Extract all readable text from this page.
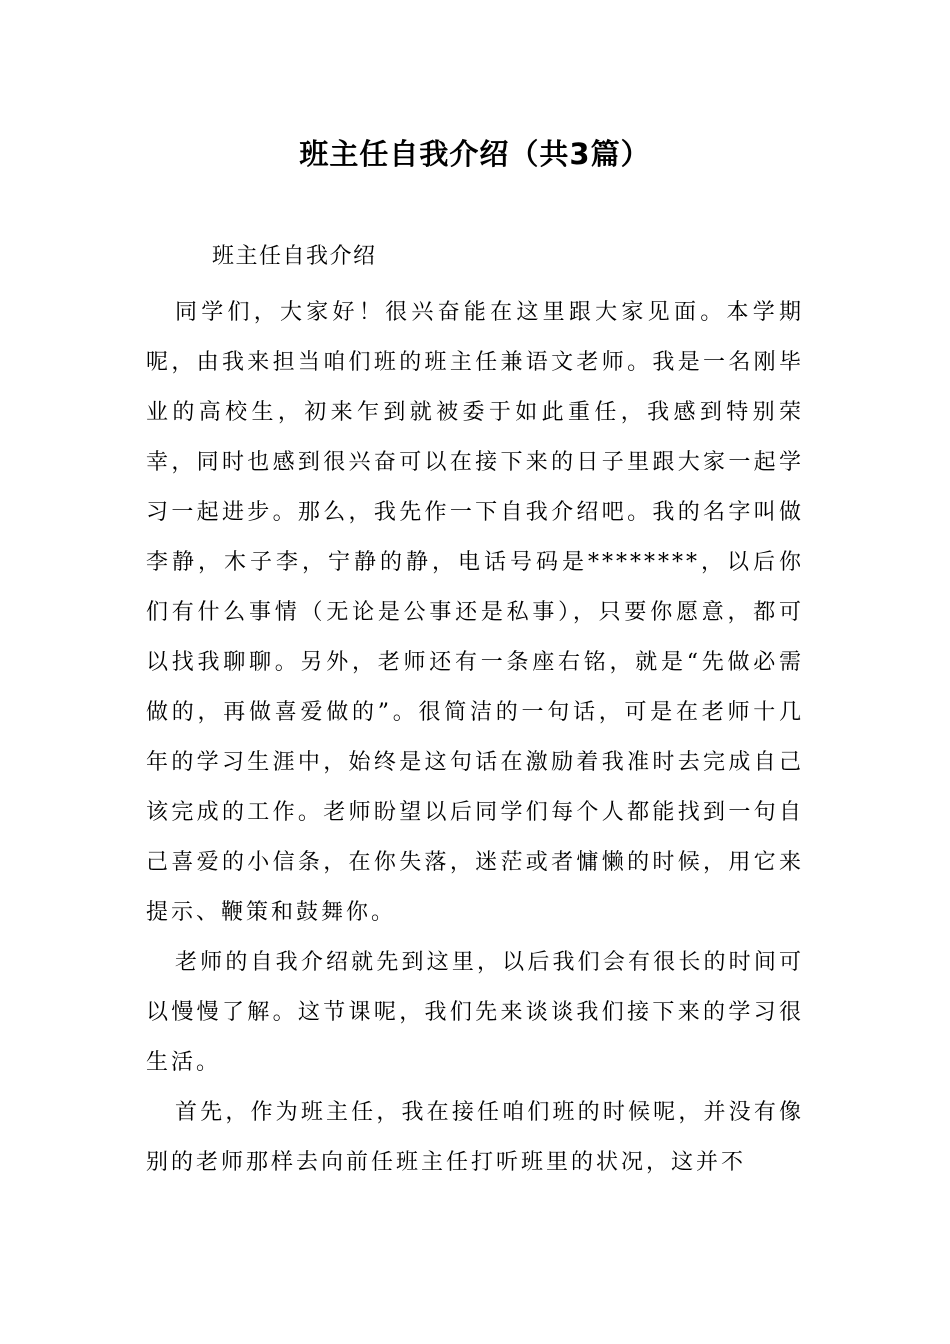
班主任自我介绍（共3篇）
班主任自我介绍

同学们，大家好！很兴奋能在这里跟大家见面。本学期呢，由我来担当咱们班的班主任兼语文老师。我是一名刚毕业的高校生，初来乍到就被委于如此重任，我感到特别荣幸，同时也感到很兴奋可以在接下来的日子里跟大家一起学习一起进步。那么，我先作一下自我介绍吧。我的名字叫做李静，木子李，宁静的静，电话号码是********，以后你们有什么事情（无论是公事还是私事），只要你愿意，都可以找我聊聊。另外，老师还有一条座右铭，就是“先做必需做的，再做喜爱做的”。很简洁的一句话，可是在老师十几年的学习生涯中，始终是这句话在激励着我准时去完成自己该完成的工作。老师盼望以后同学们每个人都能找到一句自己喜爱的小信条，在你失落，迷茫或者慵懒的时候，用它来提示、鞭策和鼓舞你。

老师的自我介绍就先到这里，以后我们会有很长的时间可以慢慢了解。这节课呢，我们先来谈谈我们接下来的学习很生活。

首先，作为班主任，我在接任咱们班的时候呢，并没有像别的老师那样去向前任班主任打听班里的状况，这并不
